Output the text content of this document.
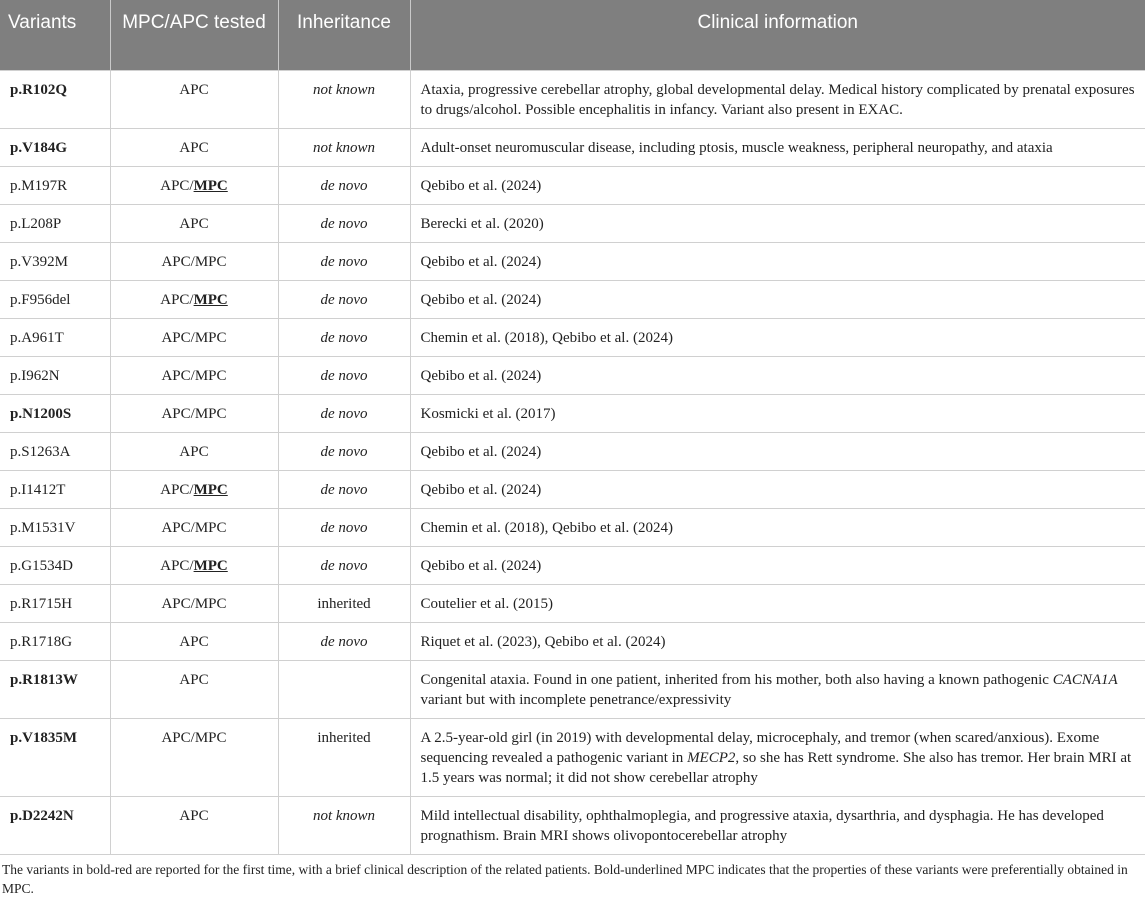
Variants	MPC/APC tested	Inheritance	Clinical information
p.R102Q	APC	not known	Ataxia, progressive cerebellar atrophy, global developmental delay. Medical history complicated by prenatal exposures to drugs/alcohol. Possible encephalitis in infancy. Variant also present in EXAC.
p.V184G	APC	not known	Adult-onset neuromuscular disease, including ptosis, muscle weakness, peripheral neuropathy, and ataxia
p.M197R	APC/MPC	de novo	Qebibo et al. (2024)
p.L208P	APC	de novo	Berecki et al. (2020)
p.V392M	APC/MPC	de novo	Qebibo et al. (2024)
p.F956del	APC/MPC	de novo	Qebibo et al. (2024)
p.A961T	APC/MPC	de novo	Chemin et al. (2018), Qebibo et al. (2024)
p.I962N	APC/MPC	de novo	Qebibo et al. (2024)
p.N1200S	APC/MPC	de novo	Kosmicki et al. (2017)
p.S1263A	APC	de novo	Qebibo et al. (2024)
p.I1412T	APC/MPC	de novo	Qebibo et al. (2024)
p.M1531V	APC/MPC	de novo	Chemin et al. (2018), Qebibo et al. (2024)
p.G1534D	APC/MPC	de novo	Qebibo et al. (2024)
p.R1715H	APC/MPC	inherited	Coutelier et al. (2015)
p.R1718G	APC	de novo	Riquet et al. (2023), Qebibo et al. (2024)
p.R1813W	APC		Congenital ataxia. Found in one patient, inherited from his mother, both also having a known pathogenic CACNA1A variant but with incomplete penetrance/expressivity
p.V1835M	APC/MPC	inherited	A 2.5-year-old girl (in 2019) with developmental delay, microcephaly, and tremor (when scared/anxious). Exome sequencing revealed a pathogenic variant in MECP2, so she has Rett syndrome. She also has tremor. Her brain MRI at 1.5 years was normal; it did not show cerebellar atrophy
p.D2242N	APC	not known	Mild intellectual disability, ophthalmoplegia, and progressive ataxia, dysarthria, and dysphagia. He has developed prognathism. Brain MRI shows olivopontocerebellar atrophy
The variants in bold-red are reported for the first time, with a brief clinical description of the related patients. Bold-underlined MPC indicates that the properties of these variants were preferentially obtained in MPC.
